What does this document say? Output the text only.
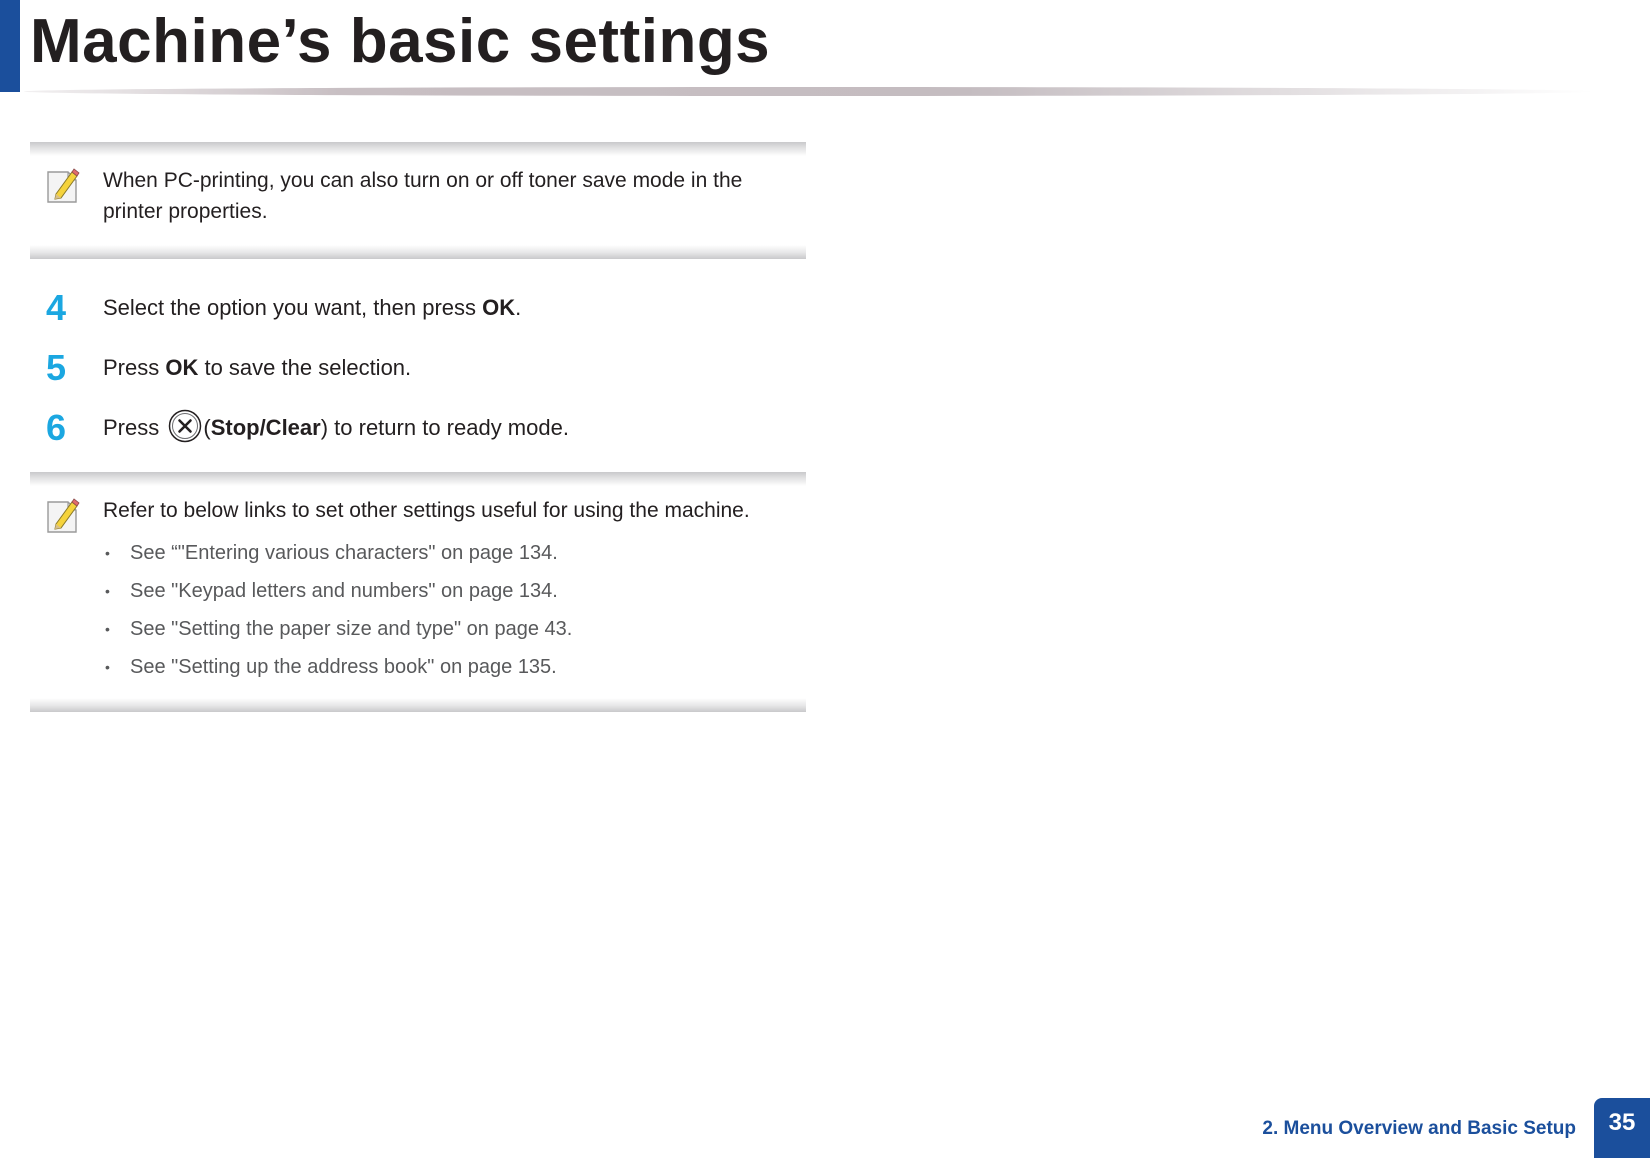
Machine’s basic settings
When PC-printing, you can also turn on or off toner save mode in the printer properties.
4	Select the option you want, then press OK.
5	Press OK to save the selection.
6	Press (Stop/Clear) to return to ready mode.
Refer to below links to set other settings useful for using the machine.
• See “"Entering various characters" on page 134.
• See "Keypad letters and numbers" on page 134.
• See "Setting the paper size and type" on page 43.
• See "Setting up the address book" on page 135.
2. Menu Overview and Basic Setup	35
